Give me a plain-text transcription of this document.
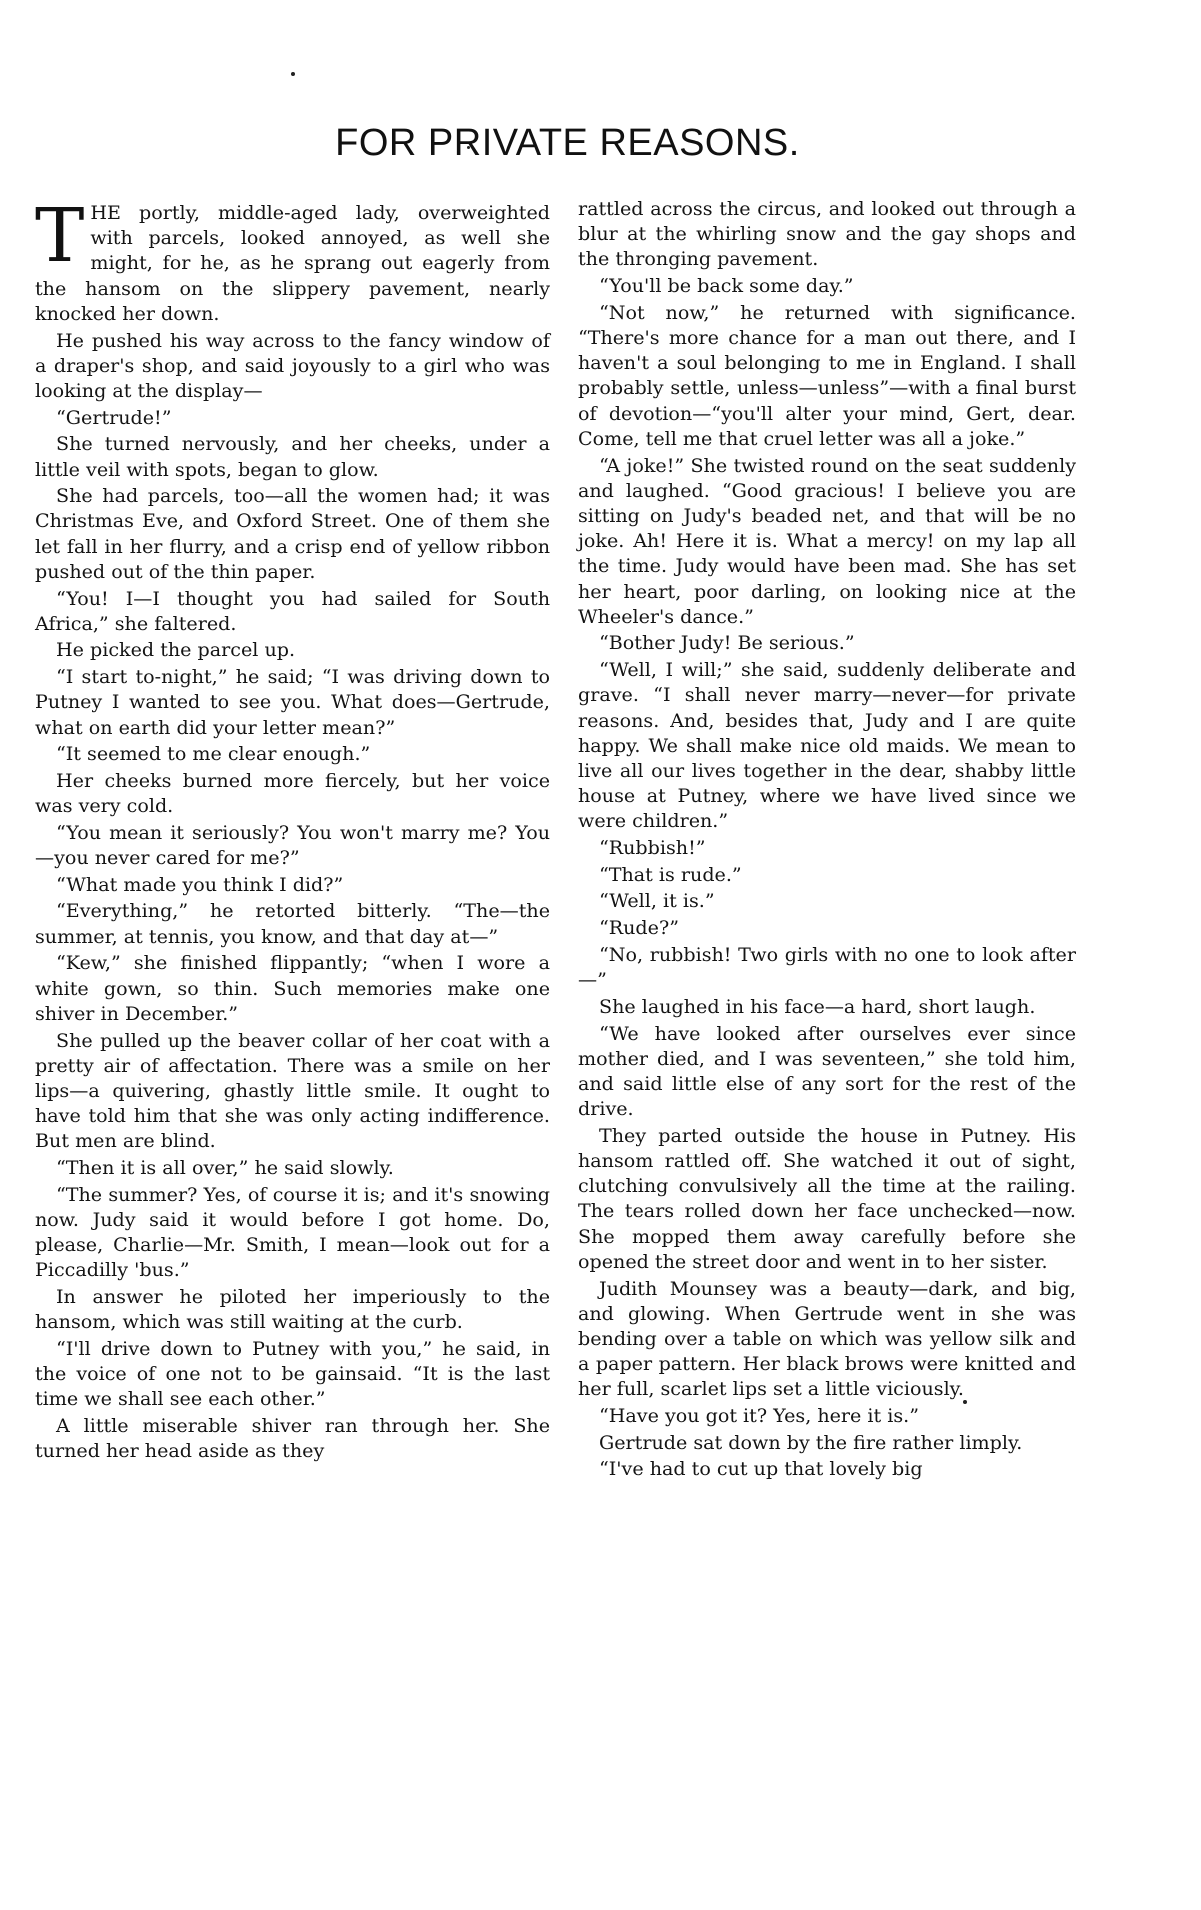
FOR PRIVATE REASONS.

THE portly, middle-aged lady, overweighted with parcels, looked annoyed, as well she might, for he, as he sprang out eagerly from the hansom on the slippery pavement, nearly knocked her down.

He pushed his way across to the fancy window of a draper's shop, and said joyously to a girl who was looking at the display—

“Gertrude!”

She turned nervously, and her cheeks, under a little veil with spots, began to glow.

She had parcels, too—all the women had; it was Christmas Eve, and Oxford Street. One of them she let fall in her flurry, and a crisp end of yellow ribbon pushed out of the thin paper.

“You! I—I thought you had sailed for South Africa,” she faltered.

He picked the parcel up.

“I start to-night,” he said; “I was driving down to Putney I wanted to see you. What does—Gertrude, what on earth did your letter mean?”

“It seemed to me clear enough.”

Her cheeks burned more fiercely, but her voice was very cold.

“You mean it seriously? You won't marry me? You—you never cared for me?”

“What made you think I did?”

“Everything,” he retorted bitterly. “The—the summer, at tennis, you know, and that day at—”

“Kew,” she finished flippantly; “when I wore a white gown, so thin. Such memories make one shiver in December.”

She pulled up the beaver collar of her coat with a pretty air of affectation. There was a smile on her lips—a quivering, ghastly little smile. It ought to have told him that she was only acting indifference. But men are blind.

“Then it is all over,” he said slowly.

“The summer? Yes, of course it is; and it's snowing now. Judy said it would before I got home. Do, please, Charlie—Mr. Smith, I mean—look out for a Piccadilly 'bus.”

In answer he piloted her imperiously to the hansom, which was still waiting at the curb.

“I'll drive down to Putney with you,” he said, in the voice of one not to be gainsaid. “It is the last time we shall see each other.”

A little miserable shiver ran through her. She turned her head aside as they

rattled across the circus, and looked out through a blur at the whirling snow and the gay shops and the thronging pavement.

“You'll be back some day.”

“Not now,” he returned with significance. “There's more chance for a man out there, and I haven't a soul belonging to me in England. I shall probably settle, unless—unless”—with a final burst of devotion—“you'll alter your mind, Gert, dear. Come, tell me that cruel letter was all a joke.”

“A joke!” She twisted round on the seat suddenly and laughed. “Good gracious! I believe you are sitting on Judy's beaded net, and that will be no joke. Ah! Here it is. What a mercy! on my lap all the time. Judy would have been mad. She has set her heart, poor darling, on looking nice at the Wheeler's dance.”

“Bother Judy! Be serious.”

“Well, I will;” she said, suddenly deliberate and grave. “I shall never marry—never—for private reasons. And, besides that, Judy and I are quite happy. We shall make nice old maids. We mean to live all our lives together in the dear, shabby little house at Putney, where we have lived since we were children.”

“Rubbish!”

“That is rude.”

“Well, it is.”

“Rude?”

“No, rubbish! Two girls with no one to look after—”

She laughed in his face—a hard, short laugh.

“We have looked after ourselves ever since mother died, and I was seventeen,” she told him, and said little else of any sort for the rest of the drive.

They parted outside the house in Putney. His hansom rattled off. She watched it out of sight, clutching convulsively all the time at the railing. The tears rolled down her face unchecked—now. She mopped them away carefully before she opened the street door and went in to her sister.

Judith Mounsey was a beauty—dark, and big, and glowing. When Gertrude went in she was bending over a table on which was yellow silk and a paper pattern. Her black brows were knitted and her full, scarlet lips set a little viciously.

“Have you got it? Yes, here it is.”

Gertrude sat down by the fire rather limply.

“I've had to cut up that lovely big
